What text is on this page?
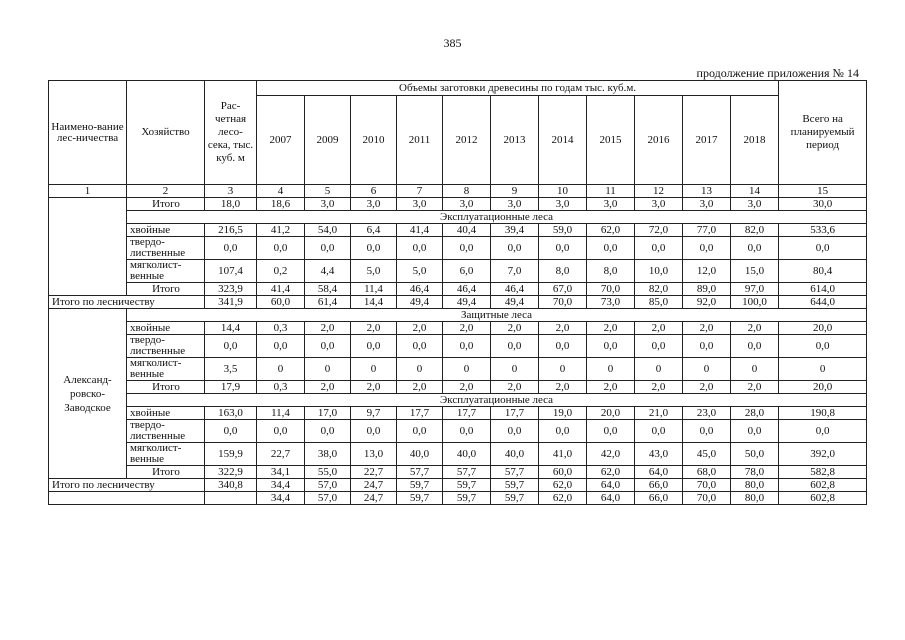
385
продолжение приложения № 14
Наимено-вание лес-ничества	Хозяйство	Рас-четная лесо-сека, тыс. куб. м	Объемы заготовки древесины по годам тыс. куб.м.											Всего на планируемый период
			2007	2009	2010	2011	2012	2013	2014	2015	2016	2017	2018	
1	2	3	4	5	6	7	8	9	10	11	12	13	14	15
	Итого	18,0	18,6	3,0	3,0	3,0	3,0	3,0	3,0	3,0	3,0	3,0	3,0	30,0
	Эксплуатационные леса													
	хвойные	216,5	41,2	54,0	6,4	41,4	40,4	39,4	59,0	62,0	72,0	77,0	82,0	533,6
	твердо-лиственные	0,0	0,0	0,0	0,0	0,0	0,0	0,0	0,0	0,0	0,0	0,0	0,0	0,0
	мягколист-венные	107,4	0,2	4,4	5,0	5,0	6,0	7,0	8,0	8,0	10,0	12,0	15,0	80,4
	Итого	323,9	41,4	58,4	11,4	46,4	46,4	46,4	67,0	70,0	82,0	89,0	97,0	614,0
Итого по лесничеству		341,9	60,0	61,4	14,4	49,4	49,4	49,4	70,0	73,0	85,0	92,0	100,0	644,0
Александ-ровско-Заводское	Защитные леса													
	хвойные	14,4	0,3	2,0	2,0	2,0	2,0	2,0	2,0	2,0	2,0	2,0	2,0	20,0
	твердо-лиственные	0,0	0,0	0,0	0,0	0,0	0,0	0,0	0,0	0,0	0,0	0,0	0,0	0,0
	мягколист-венные	3,5	0	0	0	0	0	0	0	0	0	0	0	0
	Итого	17,9	0,3	2,0	2,0	2,0	2,0	2,0	2,0	2,0	2,0	2,0	2,0	20,0
	Эксплуатационные леса													
	хвойные	163,0	11,4	17,0	9,7	17,7	17,7	17,7	19,0	20,0	21,0	23,0	28,0	190,8
	твердо-лиственные	0,0	0,0	0,0	0,0	0,0	0,0	0,0	0,0	0,0	0,0	0,0	0,0	0,0
	мягколист-венные	159,9	22,7	38,0	13,0	40,0	40,0	40,0	41,0	42,0	43,0	45,0	50,0	392,0
	Итого	322,9	34,1	55,0	22,7	57,7	57,7	57,7	60,0	62,0	64,0	68,0	78,0	582,8
Итого по лесничеству		340,8	34,4	57,0	24,7	59,7	59,7	59,7	62,0	64,0	66,0	70,0	80,0	602,8
			34,4	57,0	24,7	59,7	59,7	59,7	62,0	64,0	66,0	70,0	80,0	602,8
